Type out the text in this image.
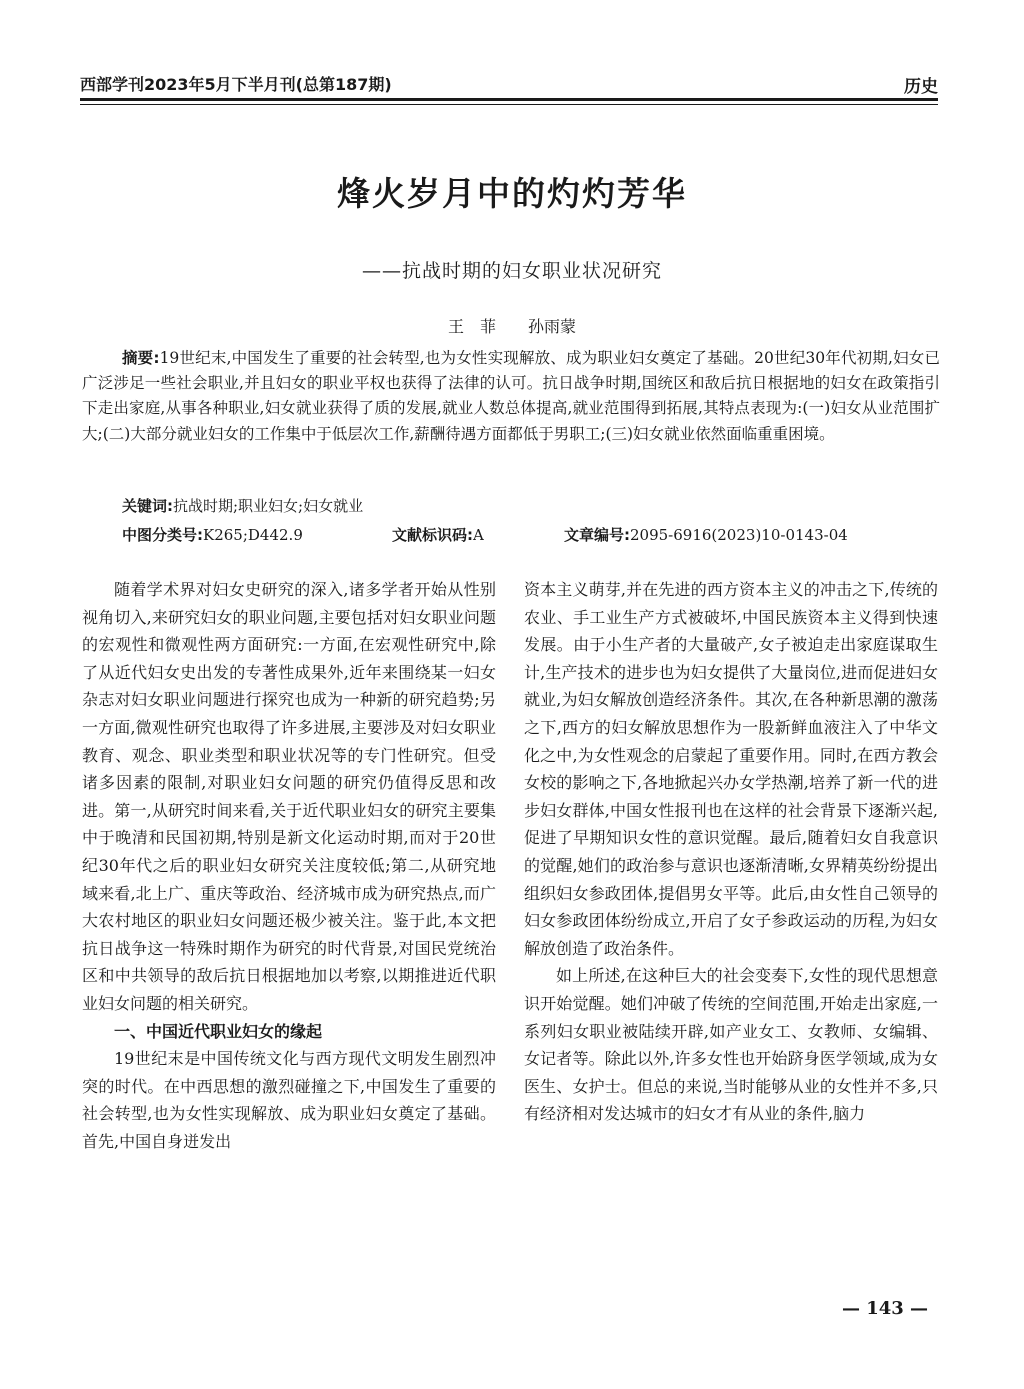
西部学刊2023年5月下半月刊(总第187期)	历史
烽火岁月中的灼灼芳华
——抗战时期的妇女职业状况研究
王　菲　　孙雨蒙
摘要:19世纪末,中国发生了重要的社会转型,也为女性实现解放、成为职业妇女奠定了基础。20世纪30年代初期,妇女已广泛涉足一些社会职业,并且妇女的职业平权也获得了法律的认可。抗日战争时期,国统区和敌后抗日根据地的妇女在政策指引下走出家庭,从事各种职业,妇女就业获得了质的发展,就业人数总体提高,就业范围得到拓展,其特点表现为:(一)妇女从业范围扩大;(二)大部分就业妇女的工作集中于低层次工作,薪酬待遇方面都低于男职工;(三)妇女就业依然面临重重困境。
关键词:抗战时期;职业妇女;妇女就业
中图分类号:K265;D442.9	文献标识码:A	文章编号:2095-6916(2023)10-0143-04

随着学术界对妇女史研究的深入,诸多学者开始从性别视角切入,来研究妇女的职业问题,主要包括对妇女职业问题的宏观性和微观性两方面研究:一方面,在宏观性研究中,除了从近代妇女史出发的专著性成果外,近年来围绕某一妇女杂志对妇女职业问题进行探究也成为一种新的研究趋势;另一方面,微观性研究也取得了许多进展,主要涉及对妇女职业教育、观念、职业类型和职业状况等的专门性研究。但受诸多因素的限制,对职业妇女问题的研究仍值得反思和改进。第一,从研究时间来看,关于近代职业妇女的研究主要集中于晚清和民国初期,特别是新文化运动时期,而对于20世纪30年代之后的职业妇女研究关注度较低;第二,从研究地域来看,北上广、重庆等政治、经济城市成为研究热点,而广大农村地区的职业妇女问题还极少被关注。鉴于此,本文把抗日战争这一特殊时期作为研究的时代背景,对国民党统治区和中共领导的敌后抗日根据地加以考察,以期推进近代职业妇女问题的相关研究。

一、中国近代职业妇女的缘起

19世纪末是中国传统文化与西方现代文明发生剧烈冲突的时代。在中西思想的激烈碰撞之下,中国发生了重要的社会转型,也为女性实现解放、成为职业妇女奠定了基础。首先,中国自身迸发出

资本主义萌芽,并在先进的西方资本主义的冲击之下,传统的农业、手工业生产方式被破坏,中国民族资本主义得到快速发展。由于小生产者的大量破产,女子被迫走出家庭谋取生计,生产技术的进步也为妇女提供了大量岗位,进而促进妇女就业,为妇女解放创造经济条件。其次,在各种新思潮的激荡之下,西方的妇女解放思想作为一股新鲜血液注入了中华文化之中,为女性观念的启蒙起了重要作用。同时,在西方教会女校的影响之下,各地掀起兴办女学热潮,培养了新一代的进步妇女群体,中国女性报刊也在这样的社会背景下逐渐兴起,促进了早期知识女性的意识觉醒。最后,随着妇女自我意识的觉醒,她们的政治参与意识也逐渐清晰,女界精英纷纷提出组织妇女参政团体,提倡男女平等。此后,由女性自己领导的妇女参政团体纷纷成立,开启了女子参政运动的历程,为妇女解放创造了政治条件。

如上所述,在这种巨大的社会变奏下,女性的现代思想意识开始觉醒。她们冲破了传统的空间范围,开始走出家庭,一系列妇女职业被陆续开辟,如产业女工、女教师、女编辑、女记者等。除此以外,许多女性也开始跻身医学领域,成为女医生、女护士。但总的来说,当时能够从业的女性并不多,只有经济相对发达城市的妇女才有从业的条件,脑力

— 143 —
